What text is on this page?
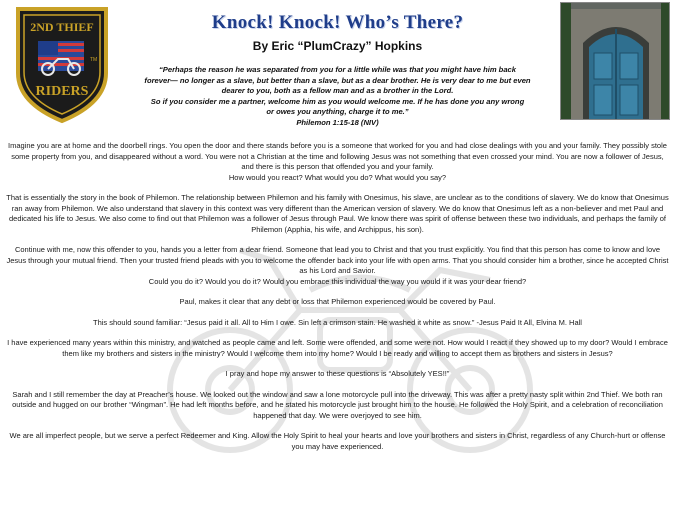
2ND THIEF
TM
RIDERS
Knock! Knock! Who’s There?
By Eric “PlumCrazy” Hopkins
“Perhaps the reason he was separated from you for a little while was that you might have him back
forever— no longer as a slave, but better than a slave, but as a dear brother. He is very dear to me but even
dearer to you, both as a fellow man and as a brother in the Lord.
So if you consider me a partner, welcome him as you would welcome me. If he has done you any wrong
or owes you anything, charge it to me.”
Philemon 1:15-18 (NIV)

Imagine you are at home and the doorbell rings. You open the door and there stands before you is a someone that worked for you and had close dealings with you and your family. They possibly stole some property from you, and disappeared without a word. You were not a Christian at the time and following Jesus was not something that even crossed your mind. You are now a follower of Jesus, and there is this person that offended you and your family.
How would you react? What would you do? What would you say?

That is essentially the story in the book of Philemon. The relationship between Philemon and his family with Onesimus, his slave, are unclear as to the conditions of slavery. We do know that Onesimus ran away from Philemon. We also understand that slavery in this context was very different than the American version of slavery. We do know that Onesimus left as a non-believer and met Paul and dedicated his life to Jesus. We also come to find out that Philemon was a follower of Jesus through Paul. We know there was spirit of offense between these two individuals, and perhaps the family of Philemon (Apphia, his wife, and Archippus, his son).

Continue with me, now this offender to you, hands you a letter from a dear friend. Someone that lead you to Christ and that you trust explicitly. You find that this person has come to know and love Jesus through your mutual friend. Then your trusted friend pleads with you to welcome the offender back into your life with open arms. That you should consider him a brother, since he accepted Christ as his Lord and Savior.
Could you do it? Would you do it? Would you embrace this individual the way you would if it was your dear friend?

Paul, makes it clear that any debt or loss that Philemon experienced would be covered by Paul.

This should sound familiar: “Jesus paid it all. All to Him I owe. Sin left a crimson stain. He washed it white as snow.” -Jesus Paid It All, Elvina M. Hall

I have experienced many years within this ministry, and watched as people came and left. Some were offended, and some were not. How would I react if they showed up to my door? Would I embrace them like my brothers and sisters in the ministry? Would I welcome them into my home? Would I be ready and willing to accept them as brothers and sisters in Jesus?

I pray and hope my answer to these questions is “Absolutely YES!!”

Sarah and I still remember the day at Preacher’s house. We looked out the window and saw a lone motorcycle pull into the driveway. This was after a pretty nasty split within 2nd Thief. We both ran outside and hugged on our brother “Wingman”. He had left months before, and he stated his motorcycle just brought him to the house. He followed the Holy Spirit, and a celebration of reconciliation happened that day. We were overjoyed to see him.

We are all imperfect people, but we serve a perfect Redeemer and King. Allow the Holy Spirit to heal your hearts and love your brothers and sisters in Christ, regardless of any Church-hurt or offense you may have experienced.
